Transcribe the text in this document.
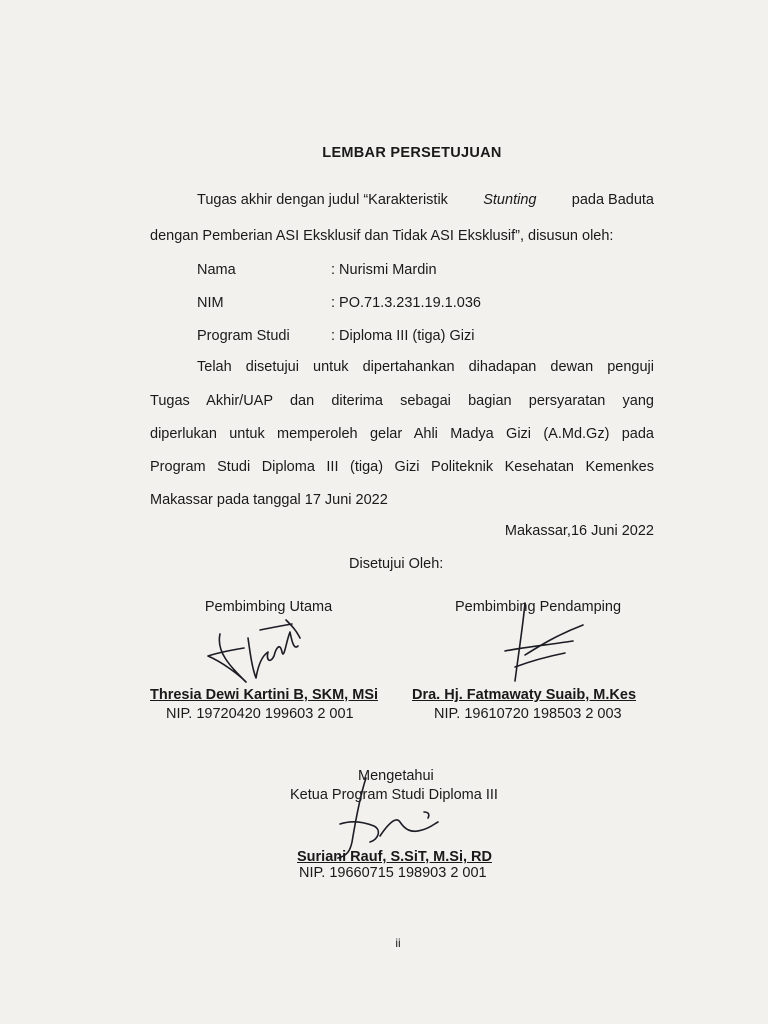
LEMBAR PERSETUJUAN
Tugas akhir dengan judul “Karakteristik Stunting pada Baduta
dengan Pemberian ASI Eksklusif dan Tidak ASI Eksklusif”, disusun oleh:
Nama	: Nurismi Mardin
NIM	: PO.71.3.231.19.1.036
Program Studi	: Diploma III (tiga) Gizi
Telah disetujui untuk dipertahankan dihadapan dewan penguji
Tugas Akhir/UAP dan diterima sebagai bagian persyaratan yang
diperlukan untuk memperoleh gelar Ahli Madya Gizi (A.Md.Gz) pada
Program Studi Diploma III (tiga) Gizi Politeknik Kesehatan Kemenkes
Makassar pada tanggal 17 Juni 2022
Makassar,16 Juni 2022
Disetujui Oleh:
Pembimbing Utama	Pembimbing Pendamping
Thresia Dewi Kartini B, SKM, MSi
NIP. 19720420 199603 2 001
Dra. Hj. Fatmawaty Suaib, M.Kes
NIP. 19610720 198503 2 003
Mengetahui
Ketua Program Studi Diploma III
Suriani Rauf, S.SiT, M.Si, RD
NIP. 19660715 198903 2 001
ii
